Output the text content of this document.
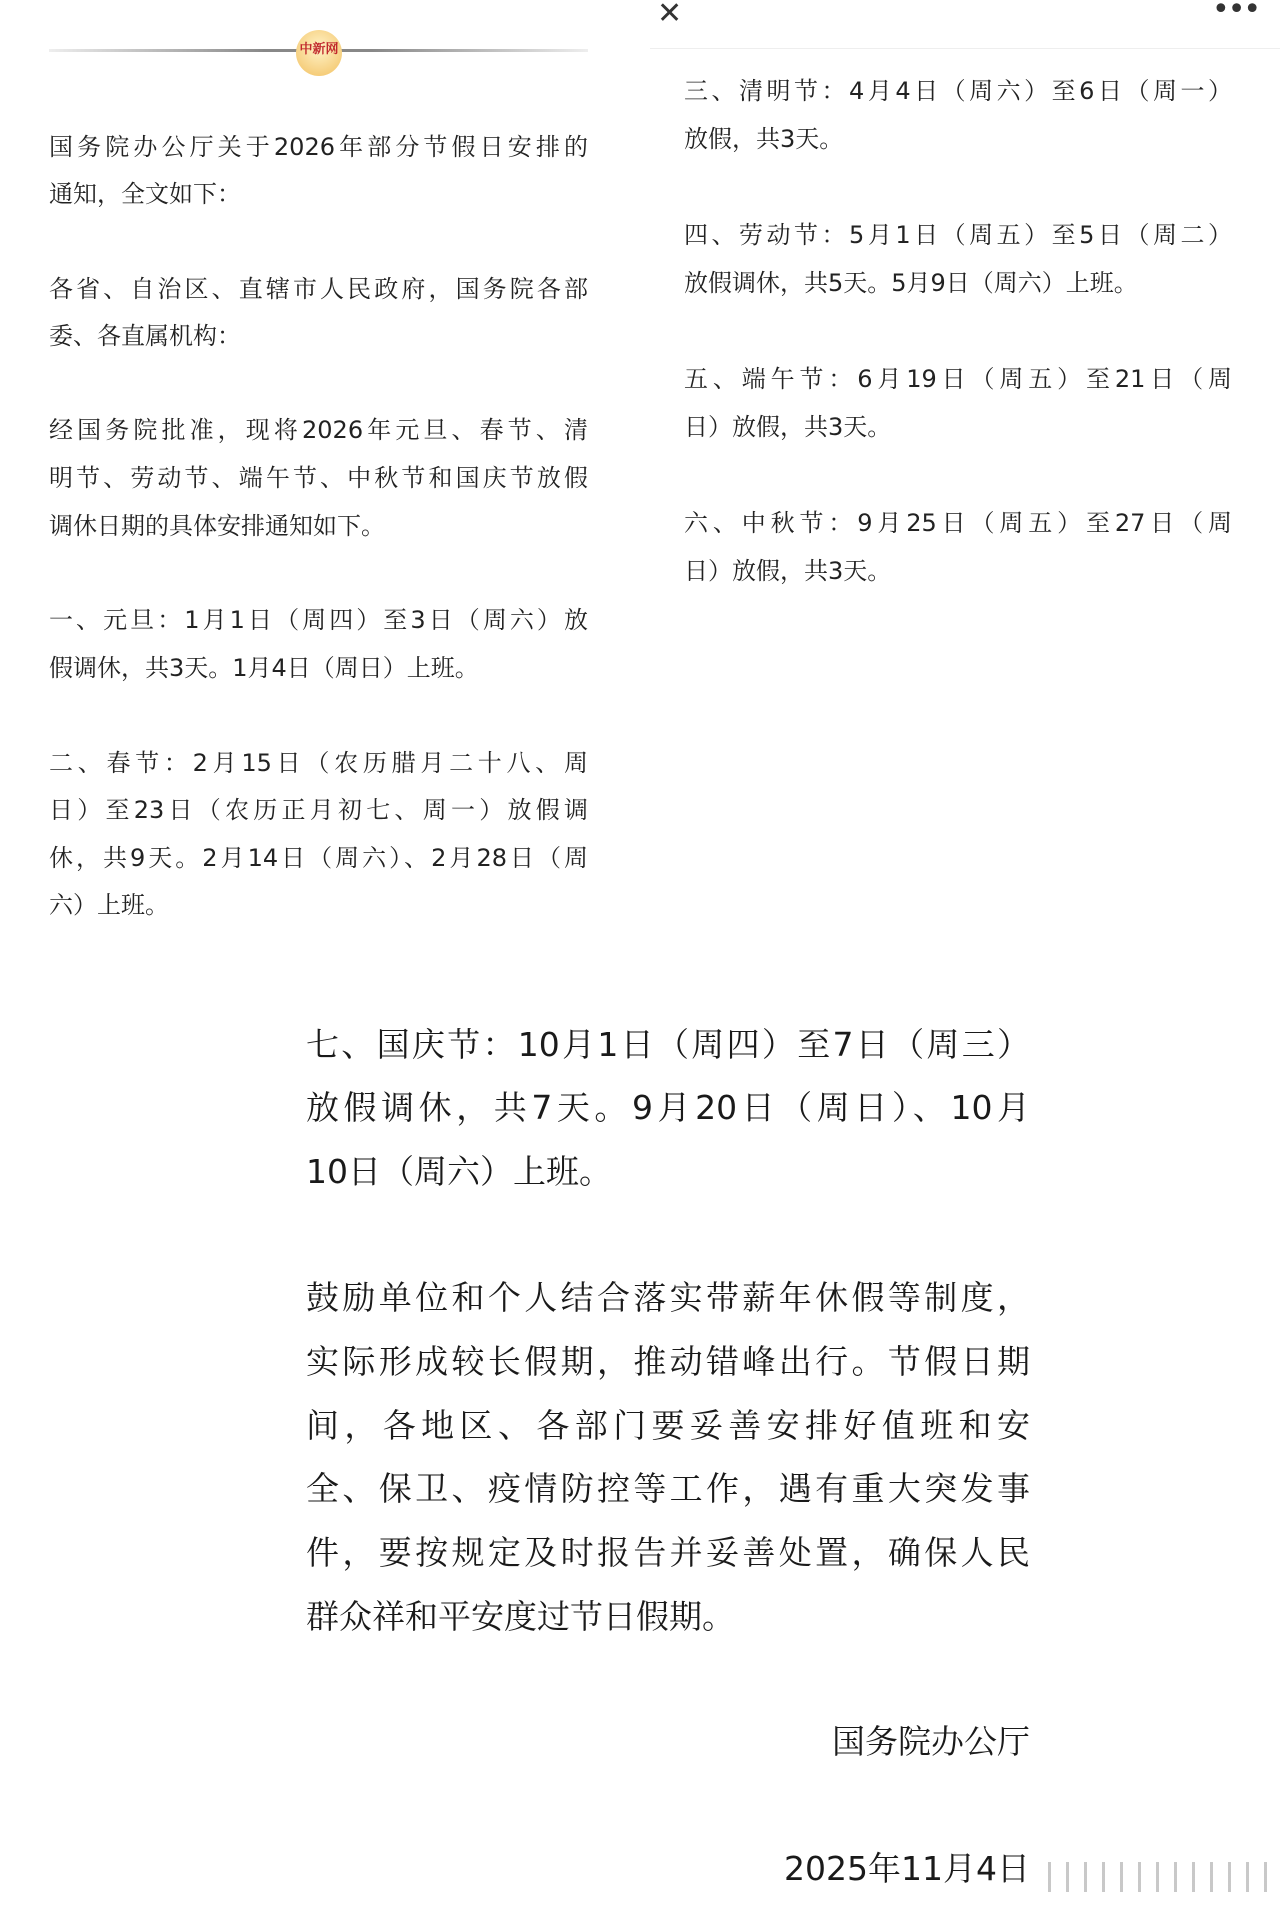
中新网
✕	•••
国务院办公厅关于2026年部分节假日安排的
通知，全文如下：
各省、自治区、直辖市人民政府，国务院各部
委、各直属机构：
经国务院批准，现将2026年元旦、春节、清
明节、劳动节、端午节、中秋节和国庆节放假
调休日期的具体安排通知如下。
一、元旦：1月1日（周四）至3日（周六）放
假调休，共3天。1月4日（周日）上班。
二、春节：2月15日（农历腊月二十八、周
日）至23日（农历正月初七、周一）放假调
休，共9天。2月14日（周六）、2月28日（周
六）上班。
三、清明节：4月4日（周六）至6日（周一）
放假，共3天。
四、劳动节：5月1日（周五）至5日（周二）
放假调休，共5天。5月9日（周六）上班。
五、端午节：6月19日（周五）至21日（周
日）放假，共3天。
六、中秋节：9月25日（周五）至27日（周
日）放假，共3天。
七、国庆节：10月1日（周四）至7日（周三）
放假调休，共7天。9月20日（周日）、10月
10日（周六）上班。
鼓励单位和个人结合落实带薪年休假等制度，
实际形成较长假期，推动错峰出行。节假日期
间，各地区、各部门要妥善安排好值班和安
全、保卫、疫情防控等工作，遇有重大突发事
件，要按规定及时报告并妥善处置，确保人民
群众祥和平安度过节日假期。
国务院办公厅
2025年11月4日
